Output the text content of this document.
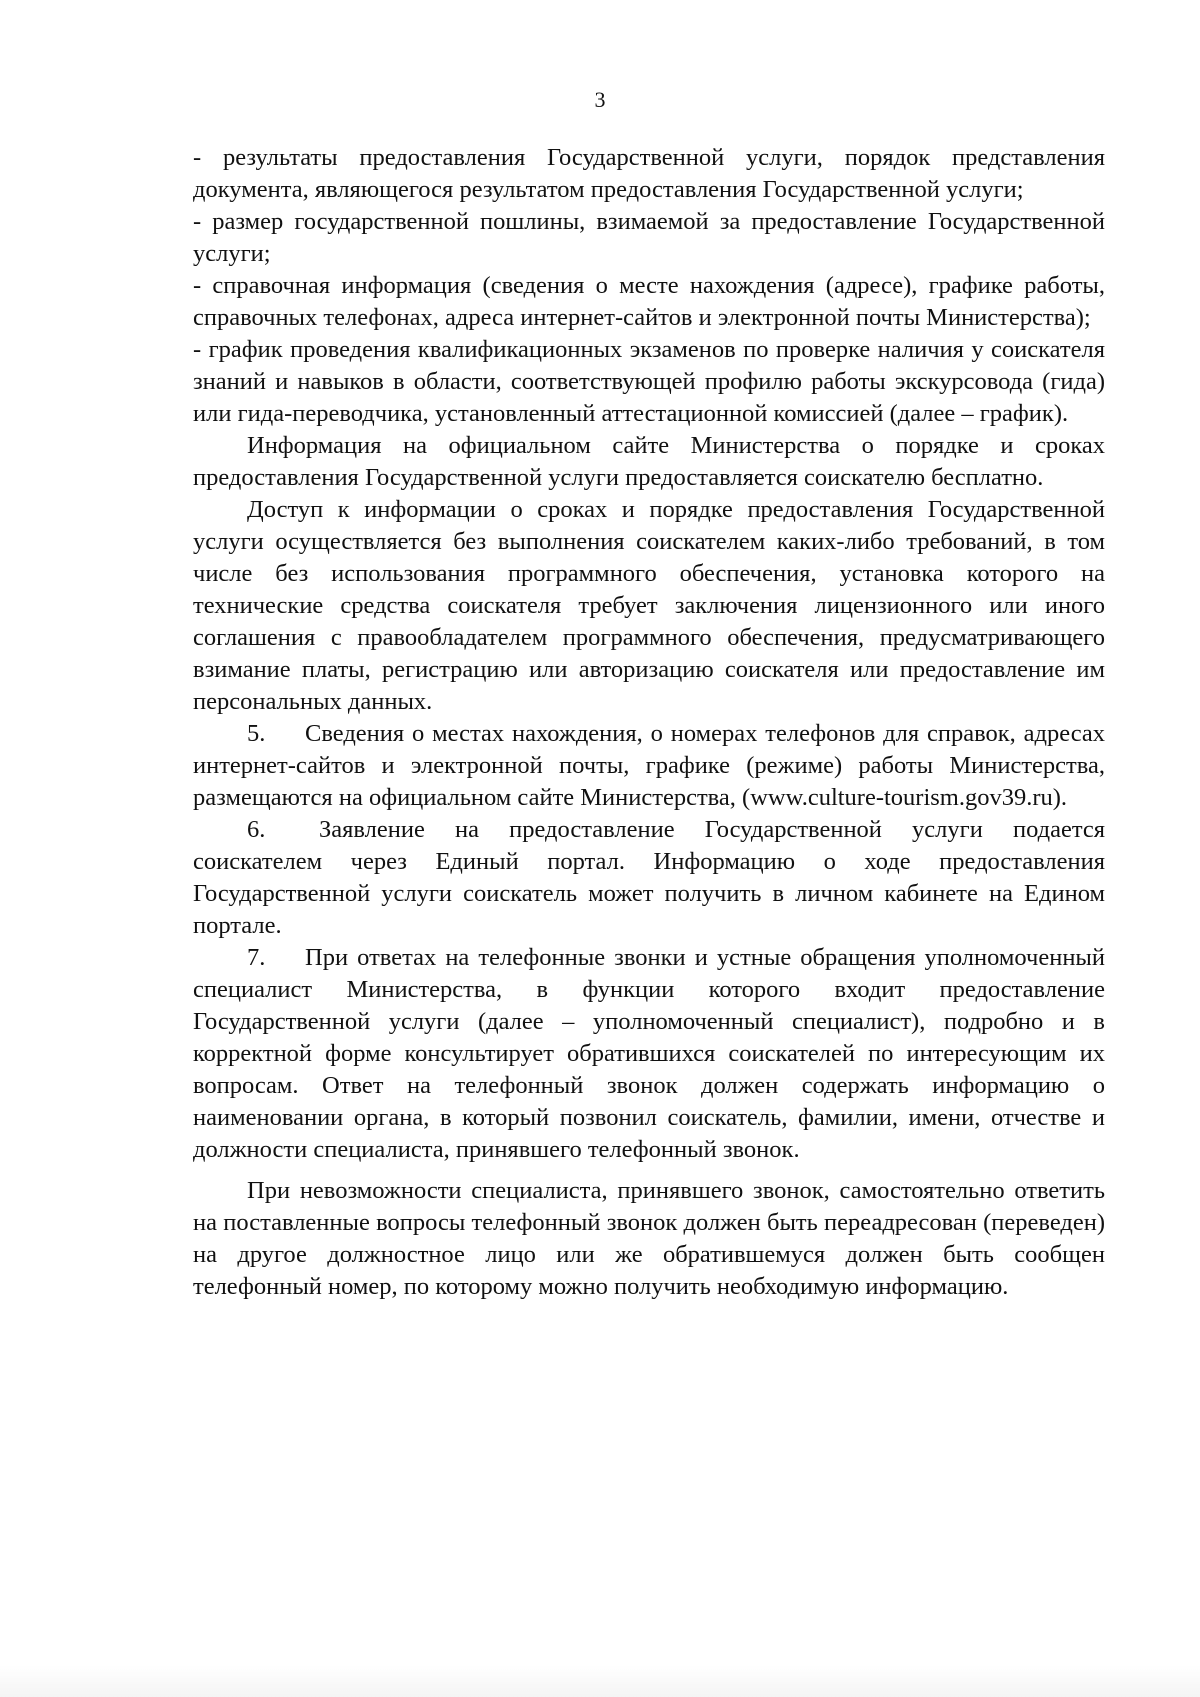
3

- результаты предоставления Государственной услуги, порядок представления документа, являющегося результатом предоставления Государственной услуги;

- размер государственной пошлины, взимаемой за предоставление Государственной услуги;

- справочная информация (сведения о месте нахождения (адресе), графике работы, справочных телефонах, адреса интернет-сайтов и электронной почты Министерства);

- график проведения квалификационных экзаменов по проверке наличия у соискателя знаний и навыков в области, соответствующей профилю работы экскурсовода (гида) или гида-переводчика, установленный аттестационной комиссией (далее – график).

Информация на официальном сайте Министерства о порядке и сроках предоставления Государственной услуги предоставляется соискателю бесплатно.

Доступ к информации о сроках и порядке предоставления Государственной услуги осуществляется без выполнения соискателем каких-либо требований, в том числе без использования программного обеспечения, установка которого на технические средства соискателя требует заключения лицензионного или иного соглашения с правообладателем программного обеспечения, предусматривающего взимание платы, регистрацию или авторизацию соискателя или предоставление им персональных данных.

5. Сведения о местах нахождения, о номерах телефонов для справок, адресах интернет-сайтов и электронной почты, графике (режиме) работы Министерства, размещаются на официальном сайте Министерства, (www.culture-tourism.gov39.ru).

6. Заявление на предоставление Государственной услуги подается соискателем через Единый портал. Информацию о ходе предоставления Государственной услуги соискатель может получить в личном кабинете на Едином портале.

7. При ответах на телефонные звонки и устные обращения уполномоченный специалист Министерства, в функции которого входит предоставление Государственной услуги (далее – уполномоченный специалист), подробно и в корректной форме консультирует обратившихся соискателей по интересующим их вопросам. Ответ на телефонный звонок должен содержать информацию о наименовании органа, в который позвонил соискатель, фамилии, имени, отчестве и должности специалиста, принявшего телефонный звонок.

При невозможности специалиста, принявшего звонок, самостоятельно ответить на поставленные вопросы телефонный звонок должен быть переадресован (переведен) на другое должностное лицо или же обратившемуся должен быть сообщен телефонный номер, по которому можно получить необходимую информацию.
